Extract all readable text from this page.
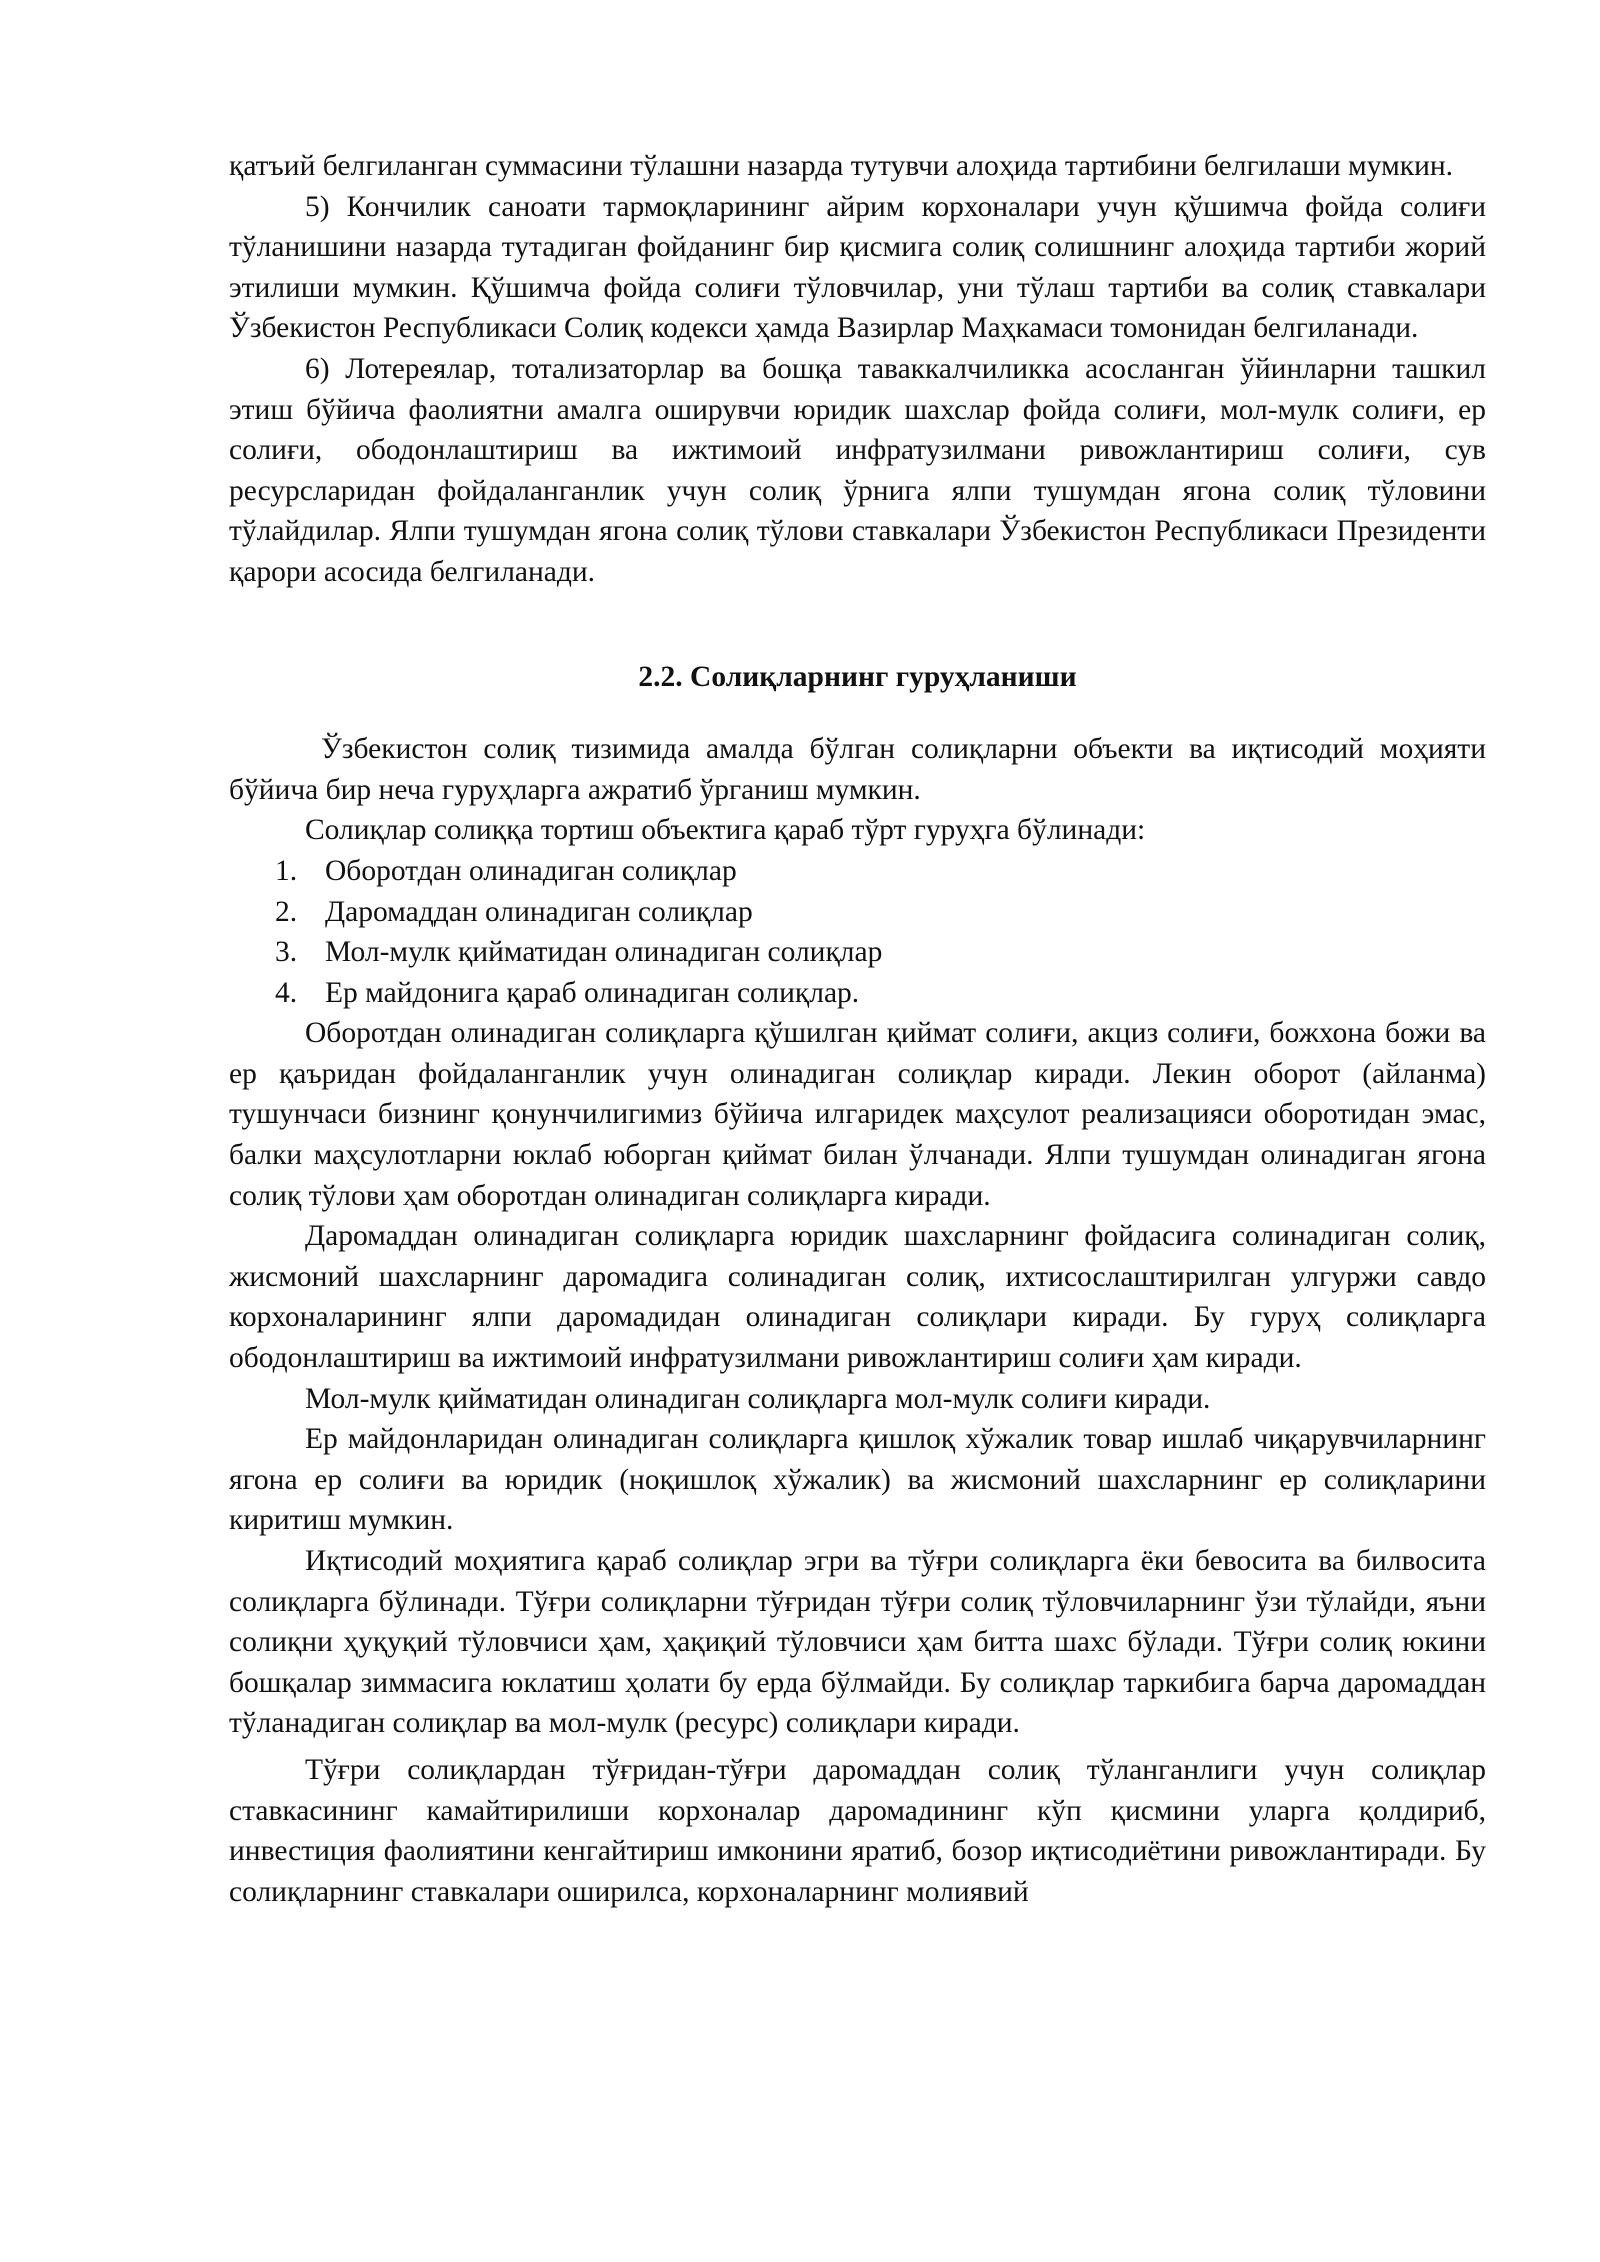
қатъий белгиланган суммасини тўлашни назарда тутувчи алоҳида тартибини белгилаши мумкин.

5) Кончилик саноати тармоқларининг айрим корхоналари учун қўшимча фойда солиғи тўланишини назарда тутадиган фойданинг бир қисмига солиқ солишнинг алоҳида тартиби жорий этилиши мумкин. Қўшимча фойда солиғи тўловчилар, уни тўлаш тартиби ва солиқ ставкалари Ўзбекистон Республикаси Солиқ кодекси ҳамда Вазирлар Маҳкамаси томонидан белгиланади.

6) Лотереялар, тотализаторлар ва бошқа таваккалчиликка асосланган ўйинларни ташкил этиш бўйича фаолиятни амалга оширувчи юридик шахслар фойда солиғи, мол-мулк солиғи, ер солиғи, ободонлаштириш ва ижтимоий инфратузилмани ривожлантириш солиғи, сув ресурсларидан фойдаланганлик учун солиқ ўрнига ялпи тушумдан ягона солиқ тўловини тўлайдилар. Ялпи тушумдан ягона солиқ тўлови ставкалари Ўзбекистон Республикаси Президенти қарори асосида белгиланади.

2.2. Солиқларнинг гуруҳланиши

Ўзбекистон солиқ тизимида амалда бўлган солиқларни объекти ва иқтисодий моҳияти бўйича бир неча гуруҳларга ажратиб ўрганиш мумкин.

Солиқлар солиққа тортиш объектига қараб тўрт гуруҳга бўлинади:

1. Оборотдан олинадиган солиқлар
2. Даромаддан олинадиган солиқлар
3. Мол-мулк қийматидан олинадиган солиқлар
4. Ер майдонига қараб олинадиган солиқлар.

Оборотдан олинадиган солиқларга қўшилган қиймат солиғи, акциз солиғи, божхона божи ва ер қаъридан фойдаланганлик учун олинадиган солиқлар киради. Лекин оборот (айланма) тушунчаси бизнинг қонунчилигимиз бўйича илгаридек маҳсулот реализацияси оборотидан эмас, балки маҳсулотларни юклаб юборган қиймат билан ўлчанади. Ялпи тушумдан олинадиган ягона солиқ тўлови ҳам оборотдан олинадиган солиқларга киради.

Даромаддан олинадиган солиқларга юридик шахсларнинг фойдасига солинадиган солиқ, жисмоний шахсларнинг даромадига солинадиган солиқ, ихтисослаштирилган улгуржи савдо корхоналарининг ялпи даромадидан олинадиган солиқлари киради. Бу гуруҳ солиқларга ободонлаштириш ва ижтимоий инфратузилмани ривожлантириш солиғи ҳам киради.

Мол-мулк қийматидан олинадиган солиқларга мол-мулк солиғи киради.

Ер майдонларидан олинадиган солиқларга қишлоқ хўжалик товар ишлаб чиқарувчиларнинг ягона ер солиғи ва юридик (ноқишлоқ хўжалик) ва жисмоний шахсларнинг ер солиқларини киритиш мумкин.

Иқтисодий моҳиятига қараб солиқлар эгри ва тўғри солиқларга ёки бевосита ва билвосита солиқларга бўлинади. Тўғри солиқларни тўғридан тўғри солиқ тўловчиларнинг ўзи тўлайди, яъни солиқни ҳуқуқий тўловчиси ҳам, ҳақиқий тўловчиси ҳам битта шахс бўлади. Тўғри солиқ юкини бошқалар зиммасига юклатиш ҳолати бу ерда бўлмайди. Бу солиқлар таркибига барча даромаддан тўланадиган солиқлар ва мол-мулк (ресурс) солиқлари киради.

Тўғри солиқлардан тўғридан-тўғри даромаддан солиқ тўланганлиги учун солиқлар ставкасининг камайтирилиши корхоналар даромадининг кўп қисмини уларга қолдириб, инвестиция фаолиятини кенгайтириш имконини яратиб, бозор иқтисодиётини ривожлантиради. Бу солиқларнинг ставкалари оширилса, корхоналарнинг молиявий
